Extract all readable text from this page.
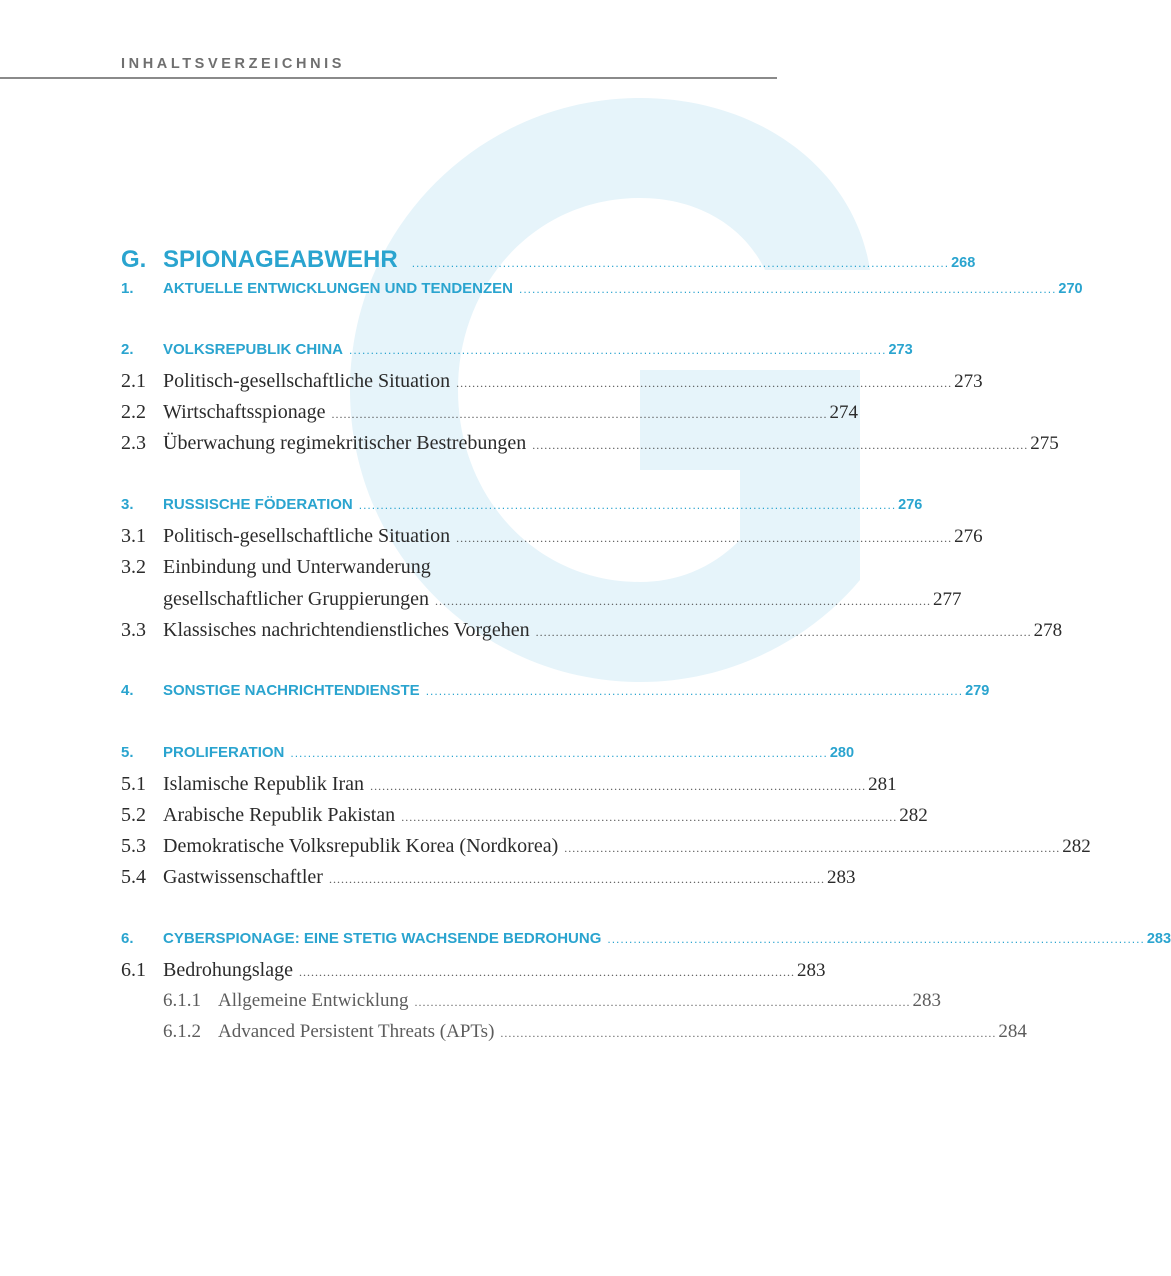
INHALTSVERZEICHNIS
G. SPIONAGEABWEHR ............................................................................................................................ 268
1.	AKTUELLE ENTWICKLUNGEN UND TENDENZEN ............................................................................................................................ 270
2.	VOLKSREPUBLIK CHINA ............................................................................................................................ 273
2.1 Politisch-gesellschaftliche Situation ............................................................................................................................ 273
2.2 Wirtschaftsspionage ............................................................................................................................ 274
2.3 Überwachung regimekritischer Bestrebungen ............................................................................................................................ 275
3.	RUSSISCHE FÖDERATION ............................................................................................................................ 276
3.1 Politisch-gesellschaftliche Situation ............................................................................................................................ 276
3.2 Einbindung und Unterwanderung
gesellschaftlicher Gruppierungen ............................................................................................................................ 277
3.3 Klassisches nachrichtendienstliches Vorgehen ............................................................................................................................ 278
4.	SONSTIGE NACHRICHTENDIENSTE ............................................................................................................................ 279
5.	PROLIFERATION ............................................................................................................................ 280
5.1 Islamische Republik Iran ............................................................................................................................ 281
5.2 Arabische Republik Pakistan ............................................................................................................................ 282
5.3 Demokratische Volksrepublik Korea (Nordkorea) ............................................................................................................................ 282
5.4 Gastwissenschaftler ............................................................................................................................ 283
6.	CYBERSPIONAGE: EINE STETIG WACHSENDE BEDROHUNG ............................................................................................................................ 283
6.1 Bedrohungslage ............................................................................................................................ 283
6.1.1 Allgemeine Entwicklung ............................................................................................................................ 283
6.1.2 Advanced Persistent Threats (APTs) ............................................................................................................................ 284
